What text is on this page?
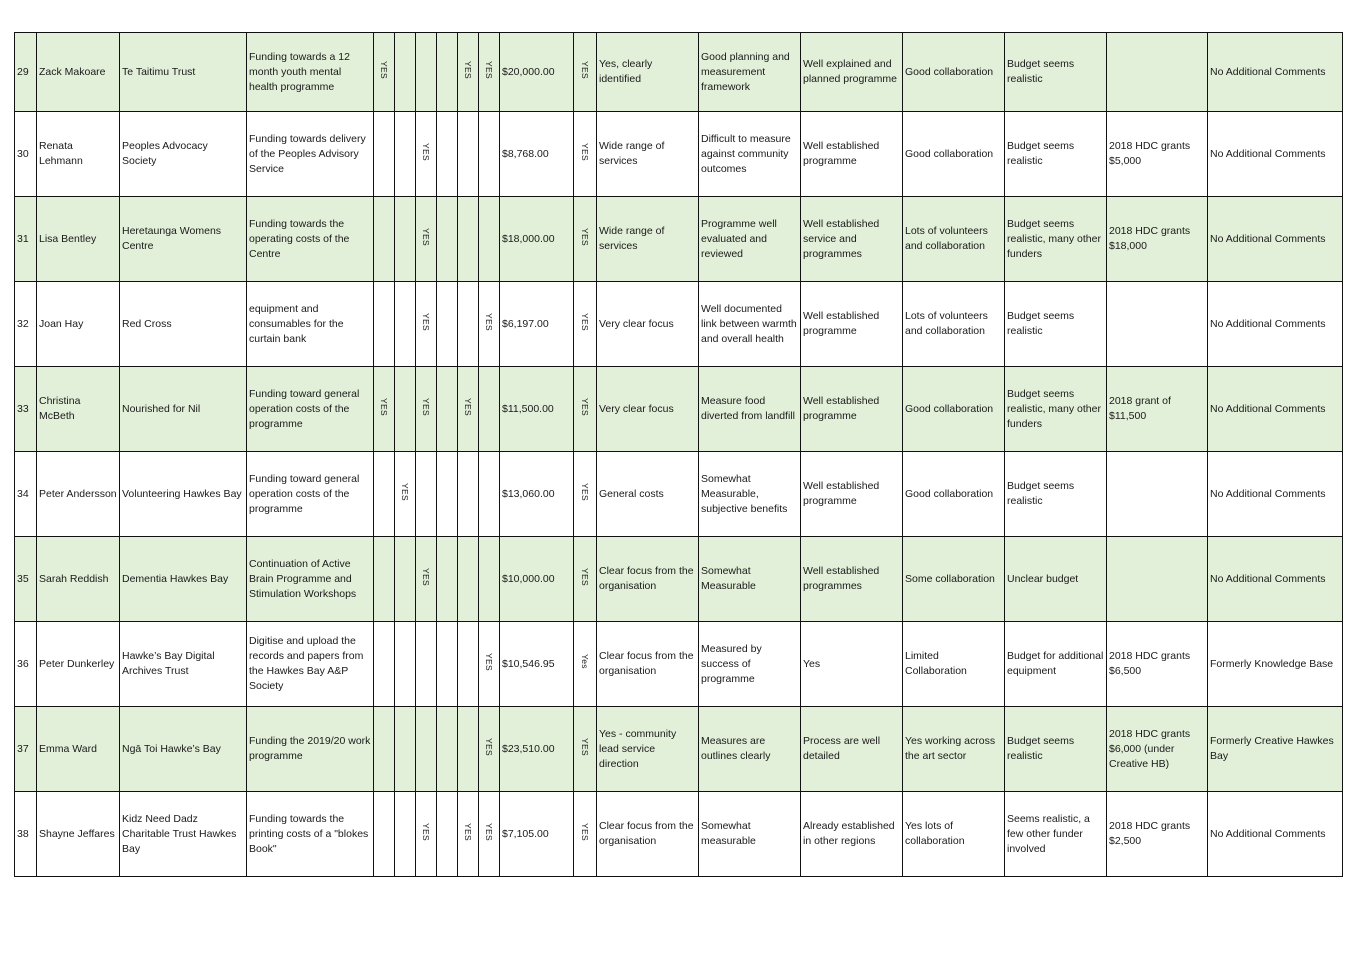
29	Zack Makoare	Te Taitimu Trust	Funding towards a 12 month youth mental health programme	YES				YES	YES	$20,000.00	YES	Yes, clearly identified	Good planning and measurement framework	Well explained and planned programme	Good collaboration	Budget seems realistic		No Additional Comments
30	Renata Lehmann	Peoples Advocacy Society	Funding towards delivery of the Peoples Advisory Service			YES				$8,768.00	YES	Wide range of services	Difficult to measure against community outcomes	Well established programme	Good collaboration	Budget seems realistic	2018 HDC grants $5,000	No Additional Comments
31	Lisa Bentley	Heretaunga Womens Centre	Funding towards the operating costs of the Centre			YES				$18,000.00	YES	Wide range of services	Programme well evaluated and reviewed	Well established service and programmes	Lots of volunteers and collaboration	Budget seems realistic, many other funders	2018 HDC grants $18,000	No Additional Comments
32	Joan Hay	Red Cross	equipment and consumables for the curtain bank			YES			YES	$6,197.00	YES	Very clear focus	Well documented link between warmth and overall health	Well established programme	Lots of volunteers and collaboration	Budget seems realistic		No Additional Comments
33	Christina McBeth	Nourished for Nil	Funding toward general operation costs of the programme	YES		YES		YES		$11,500.00	YES	Very clear focus	Measure food diverted from landfill	Well established programme	Good collaboration	Budget seems realistic, many other funders	2018 grant of $11,500	No Additional Comments
34	Peter Andersson	Volunteering Hawkes Bay	Funding toward general operation costs of the programme		YES					$13,060.00	YES	General costs	Somewhat Measurable, subjective benefits	Well established programme	Good collaboration	Budget seems realistic		No Additional Comments
35	Sarah Reddish	Dementia Hawkes Bay	Continuation of Active Brain Programme and Stimulation Workshops			YES				$10,000.00	YES	Clear focus from the organisation	Somewhat Measurable	Well established programmes	Some collaboration	Unclear budget		No Additional Comments
36	Peter Dunkerley	Hawke’s Bay Digital Archives Trust	Digitise and upload the records and papers from the Hawkes Bay A&P Society						YES	$10,546.95	Yes	Clear focus from the organisation	Measured by success of programme	Yes	Limited Collaboration	Budget for additional equipment	2018 HDC grants $6,500	Formerly Knowledge Base
37	Emma Ward	Ngā Toi Hawke’s Bay	Funding the 2019/20 work programme						YES	$23,510.00	YES	Yes - community lead service direction	Measures are outlines clearly	Process are well detailed	Yes working across the art sector	Budget seems realistic	2018 HDC grants $6,000 (under Creative HB)	Formerly Creative Hawkes Bay
38	Shayne Jeffares	Kidz Need Dadz Charitable Trust Hawkes Bay	Funding towards the printing costs of a "blokes Book"			YES		YES	YES	$7,105.00	YES	Clear focus from the organisation	Somewhat measurable	Already established in other regions	Yes lots of collaboration	Seems realistic, a few other funder involved	2018 HDC grants $2,500	No Additional Comments
